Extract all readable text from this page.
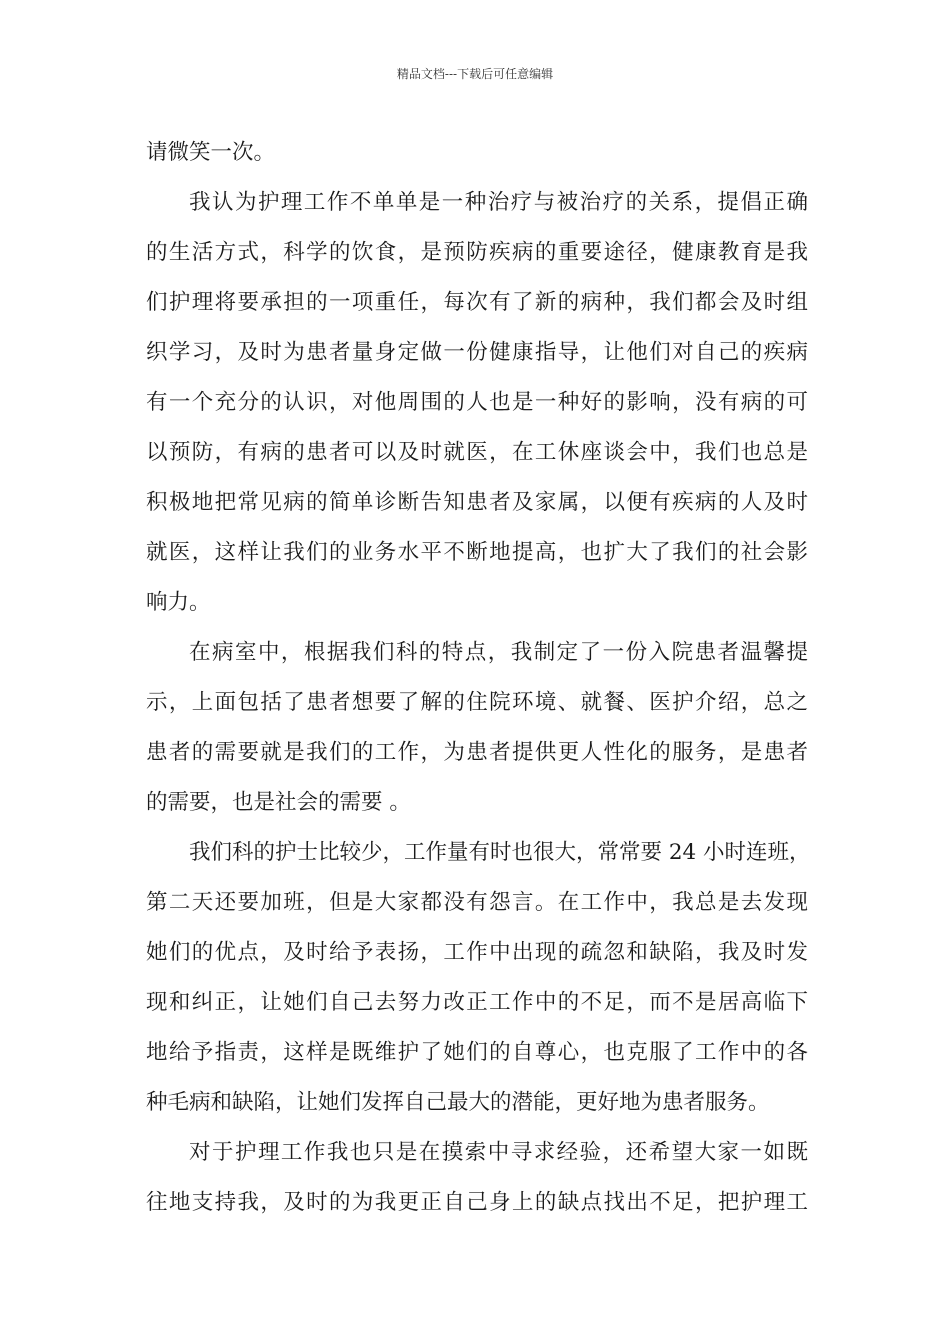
精品文档---下载后可任意编辑
请微笑一次。
我认为护理工作不单单是一种治疗与被治疗的关系，提倡正确
的生活方式，科学的饮食，是预防疾病的重要途径，健康教育是我
们护理将要承担的一项重任，每次有了新的病种，我们都会及时组
织学习，及时为患者量身定做一份健康指导，让他们对自己的疾病
有一个充分的认识，对他周围的人也是一种好的影响，没有病的可
以预防，有病的患者可以及时就医，在工休座谈会中，我们也总是
积极地把常见病的简单诊断告知患者及家属，以便有疾病的人及时
就医，这样让我们的业务水平不断地提高，也扩大了我们的社会影
响力。
在病室中，根据我们科的特点，我制定了一份入院患者温馨提
示，上面包括了患者想要了解的住院环境、就餐、医护介绍，总之
患者的需要就是我们的工作，为患者提供更人性化的服务，是患者
的需要，也是社会的需要 。
我们科的护士比较少，工作量有时也很大，常常要 24 小时连班，
第二天还要加班，但是大家都没有怨言。在工作中，我总是去发现
她们的优点，及时给予表扬，工作中出现的疏忽和缺陷，我及时发
现和纠正，让她们自己去努力改正工作中的不足，而不是居高临下
地给予指责，这样是既维护了她们的自尊心，也克服了工作中的各
种毛病和缺陷，让她们发挥自己最大的潜能，更好地为患者服务。
对于护理工作我也只是在摸索中寻求经验，还希望大家一如既
往地支持我，及时的为我更正自己身上的缺点找出不足，把护理工
